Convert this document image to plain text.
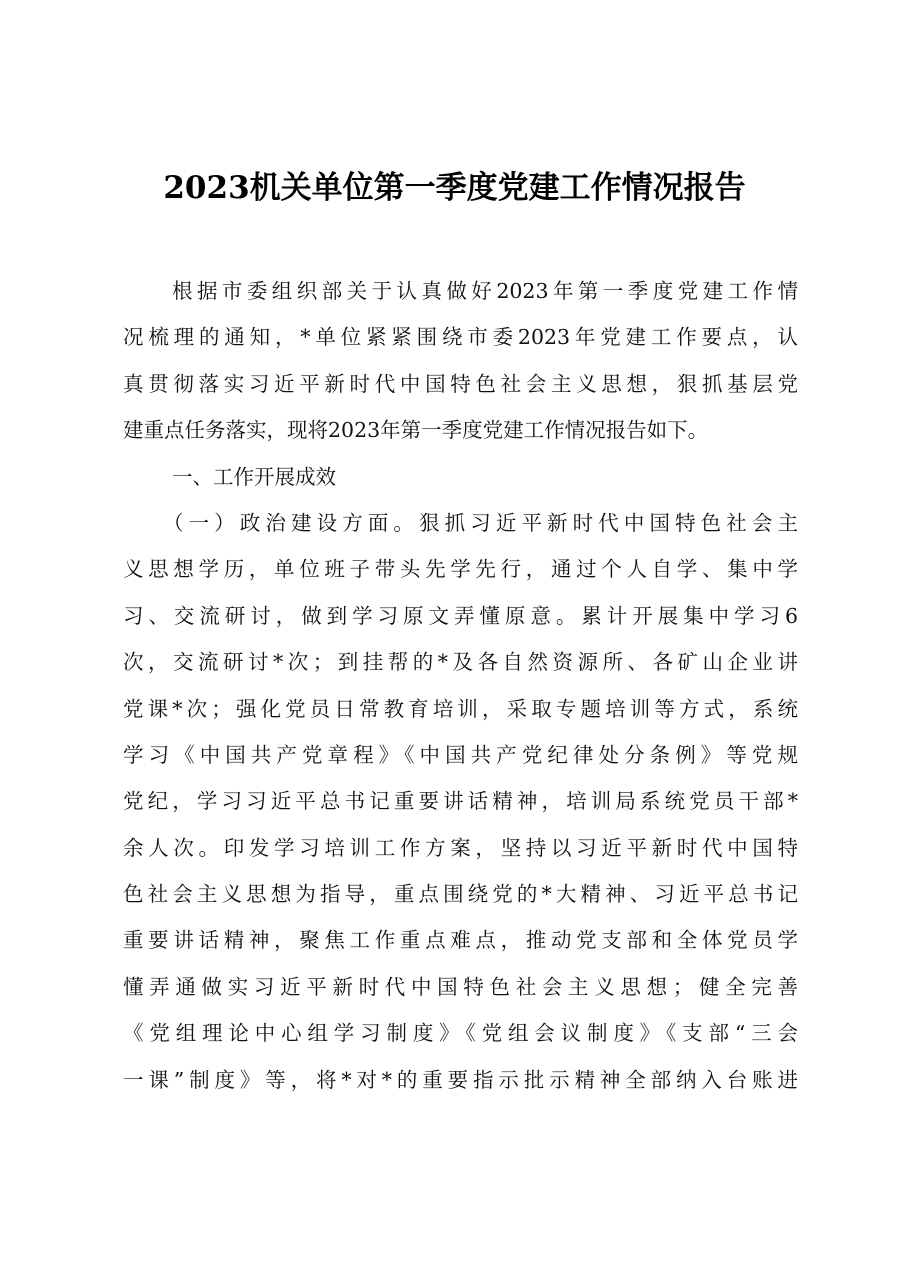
2023机关单位第一季度党建工作情况报告
根据市委组织部关于认真做好2023年第一季度党建工作情
况梳理的通知，*单位紧紧围绕市委2023年党建工作要点，认
真贯彻落实习近平新时代中国特色社会主义思想，狠抓基层党
建重点任务落实，现将2023年第一季度党建工作情况报告如下。
一、工作开展成效
（一）政治建设方面。狠抓习近平新时代中国特色社会主
义思想学历，单位班子带头先学先行，通过个人自学、集中学
习、交流研讨，做到学习原文弄懂原意。累计开展集中学习6
次，交流研讨*次；到挂帮的*及各自然资源所、各矿山企业讲
党课*次；强化党员日常教育培训，采取专题培训等方式，系统
学习《中国共产党章程》《中国共产党纪律处分条例》等党规
党纪，学习习近平总书记重要讲话精神，培训局系统党员干部*
余人次。印发学习培训工作方案，坚持以习近平新时代中国特
色社会主义思想为指导，重点围绕党的*大精神、习近平总书记
重要讲话精神，聚焦工作重点难点，推动党支部和全体党员学
懂弄通做实习近平新时代中国特色社会主义思想；健全完善
《党组理论中心组学习制度》《党组会议制度》《支部“三会
一课”制度》等，将*对*的重要指示批示精神全部纳入台账进
